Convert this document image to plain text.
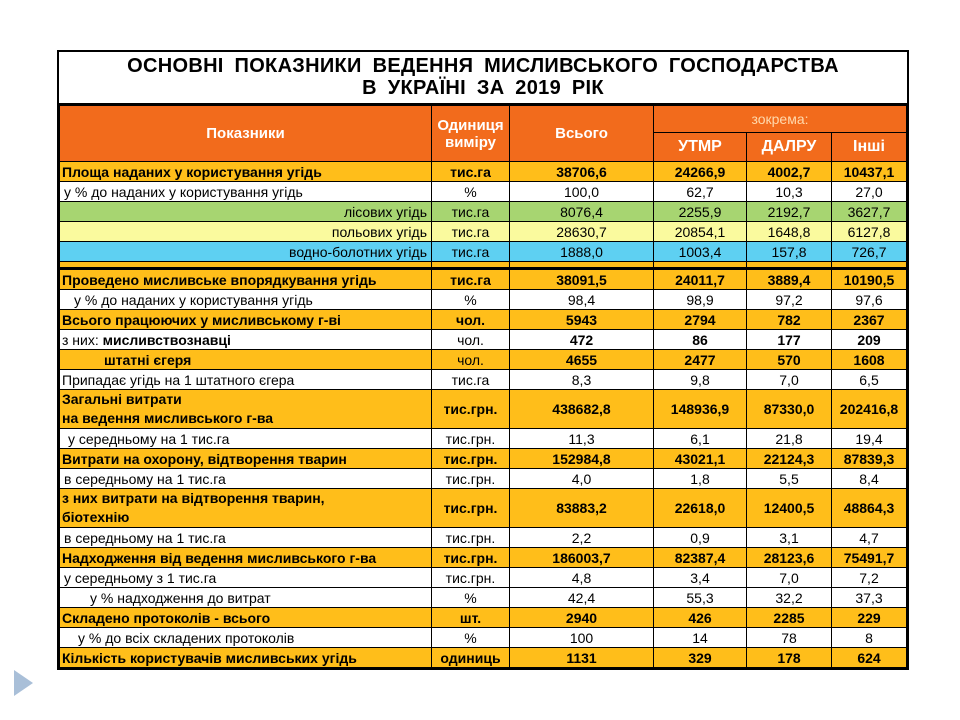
ОСНОВНІ ПОКАЗНИКИ ВЕДЕННЯ МИСЛИВСЬКОГО ГОСПОДАРСТВА
В УКРАЇНІ ЗА 2019 РІК
Показники	Одиниця виміру	Всього	зокрема:		
			УТМР	ДАЛРУ	Інші
Площа наданих у користування угідь	тис.га	38706,6	24266,9	4002,7	10437,1
у % до наданих у користування угідь	%	100,0	62,7	10,3	27,0
лісових угідь	тис.га	8076,4	2255,9	2192,7	3627,7
польових угідь	тис.га	28630,7	20854,1	1648,8	6127,8
водно-болотних угідь	тис.га	1888,0	1003,4	157,8	726,7

Проведено мисливське впорядкування угідь	тис.га	38091,5	24011,7	3889,4	10190,5
у % до наданих у користування угідь	%	98,4	98,9	97,2	97,6
Всього працюючих у мисливському г-ві	чол.	5943	2794	782	2367
з них: мисливствознавці	чол.	472	86	177	209
штатні єгеря	чол.	4655	2477	570	1608
Припадає угідь на 1 штатного єгера	тис.га	8,3	9,8	7,0	6,5

Загальні витрати
на ведення мисливського г-ва	тис.грн.	438682,8	148936,9	87330,0	202416,8
у середньому на 1 тис.га	тис.грн.	11,3	6,1	21,8	19,4
Витрати на охорону, відтворення тварин	тис.грн.	152984,8	43021,1	22124,3	87839,3
в середньому на 1 тис.га	тис.грн.	4,0	1,8	5,5	8,4

з них витрати на відтворення тварин,
біотехнію	тис.грн.	83883,2	22618,0	12400,5	48864,3
в середньому на 1 тис.га	тис.грн.	2,2	0,9	3,1	4,7
Надходження від ведення мисливського г-ва	тис.грн.	186003,7	82387,4	28123,6	75491,7
у середньому з 1 тис.га	тис.грн.	4,8	3,4	7,0	7,2
у % надходження до витрат	%	42,4	55,3	32,2	37,3
Складено протоколів - всього	шт.	2940	426	2285	229
у % до всіх складених протоколів	%	100	14	78	8
Кількість користувачів мисливських угідь	одиниць	1131	329	178	624
